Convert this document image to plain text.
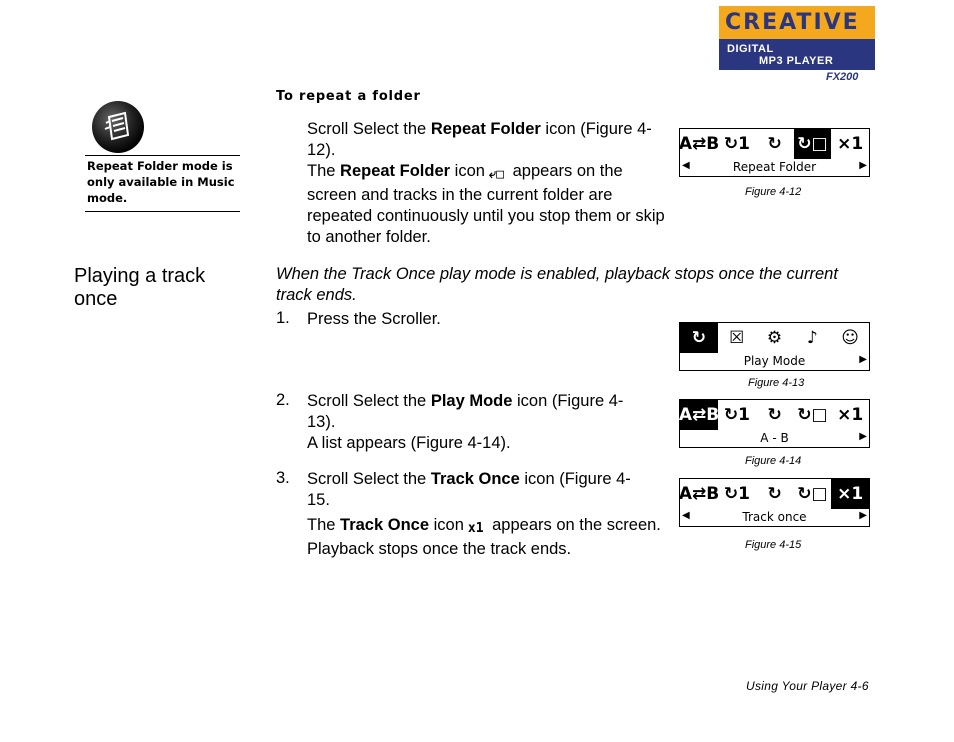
CREATIVE
DIGITAL
MP3 PLAYER
FX200
To repeat a folder
Repeat Folder mode is only available in Music mode.
Scroll Select the Repeat Folder icon (Figure 4-12).
The Repeat Folder icon ⤶□ appears on the screen and tracks in the current folder are repeated continuously until you stop them or skip to another folder.
Playing a track once
When the Track Once play mode is enabled, playback stops once the current track ends.
1. Press the Scroller.
2. Scroll Select the Play Mode icon (Figure 4-13).
A list appears (Figure 4-14).
3. Scroll Select the Track Once icon (Figure 4-15.
The Track Once icon x1 appears on the screen. Playback stops once the track ends.
A⇄B ↻1	↻ ↻□ ⨯1
◀	Repeat Folder	▶
Figure 4-12
↻	☒	⚙	♪	☺
Play Mode	▶
Figure 4-13
A⇄B ↻1	↻ ↻□ ⨯1
A - B	▶
Figure 4-14
A⇄B ↻1	↻ ↻□ ⨯1
◀	Track once	▶
Figure 4-15
Using Your Player 4-6
